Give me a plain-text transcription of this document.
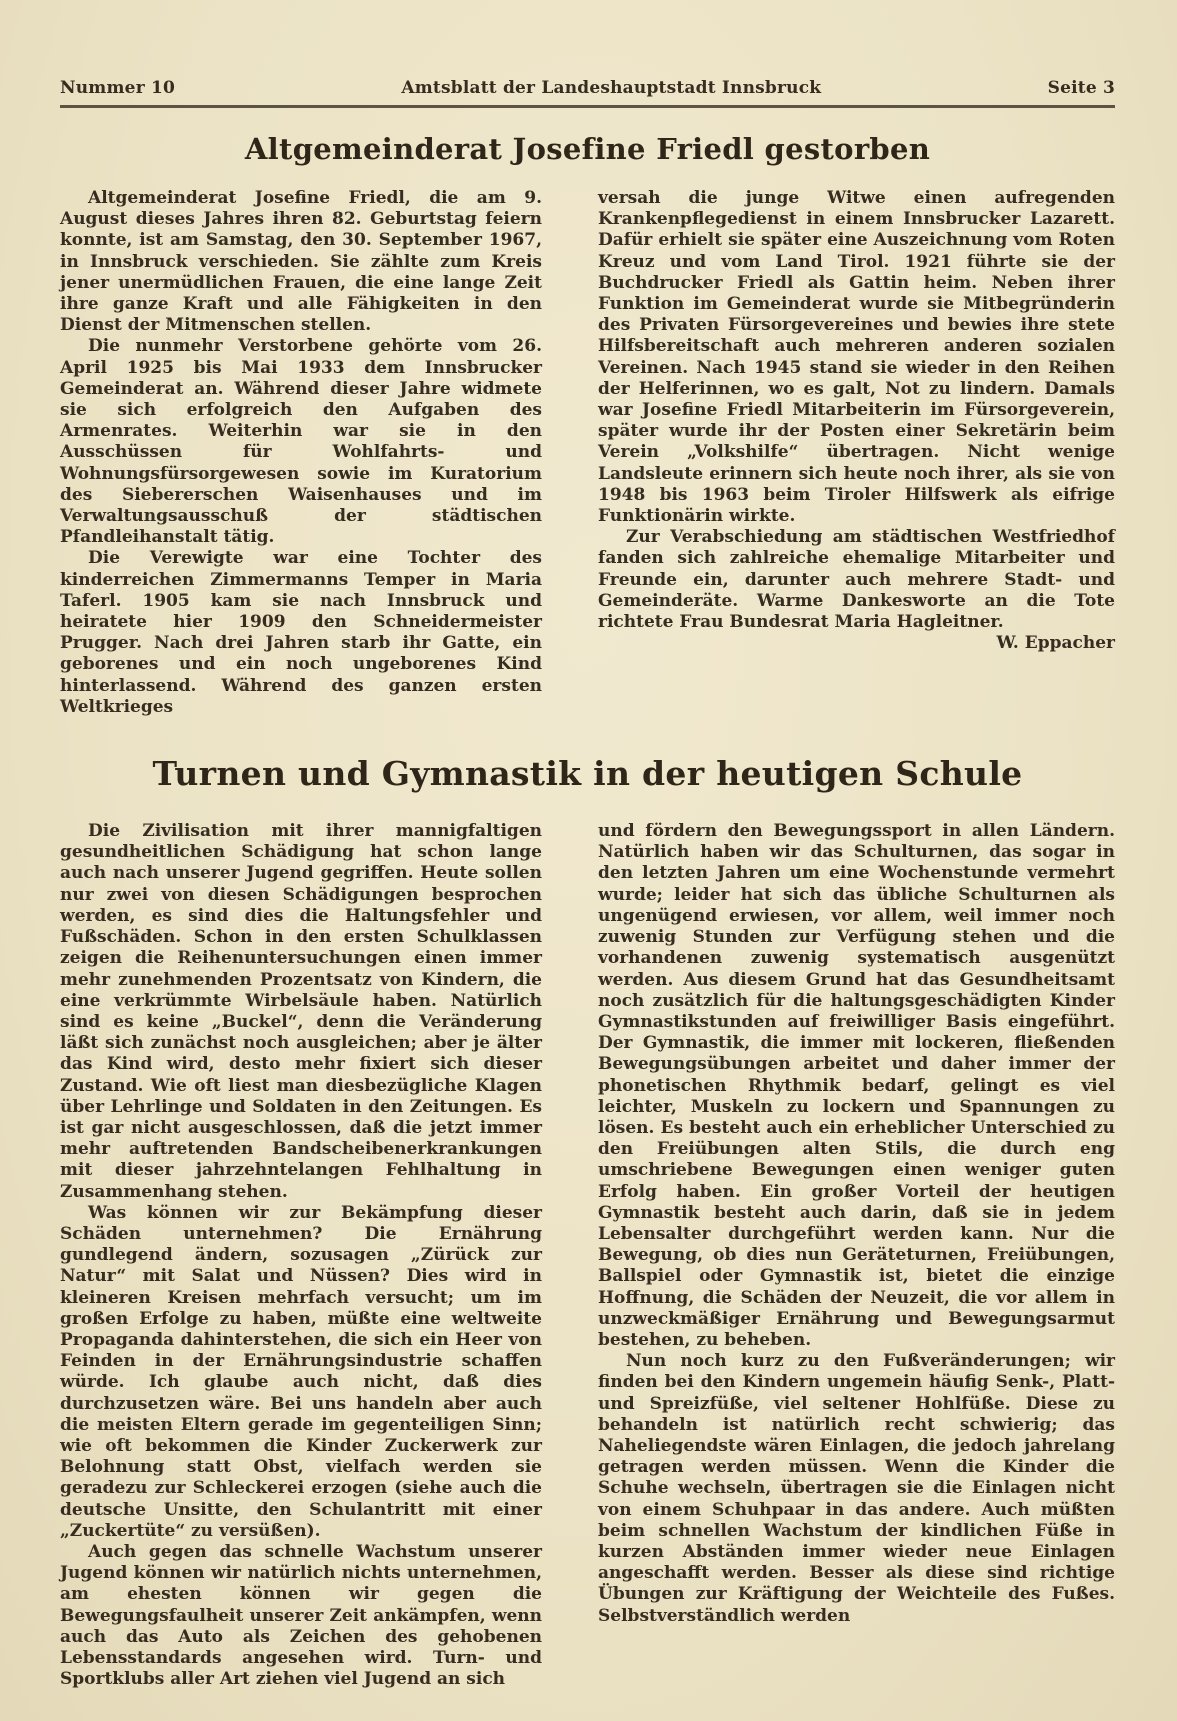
Nummer 10	Amtsblatt der Landeshauptstadt Innsbruck	Seite 3
Altgemeinderat Josefine Friedl gestorben

Altgemeinderat Josefine Friedl, die am 9. August dieses Jahres ihren 82. Geburtstag feiern konnte, ist am Samstag, den 30. September 1967, in Innsbruck verschieden. Sie zählte zum Kreis jener unermüdlichen Frauen, die eine lange Zeit ihre ganze Kraft und alle Fähigkeiten in den Dienst der Mitmenschen stellen.

Die nunmehr Verstorbene gehörte vom 26. April 1925 bis Mai 1933 dem Innsbrucker Gemeinderat an. Während dieser Jahre widmete sie sich erfolgreich den Aufgaben des Armenrates. Weiterhin war sie in den Ausschüssen für Wohlfahrts- und Wohnungsfürsorgewesen sowie im Kuratorium des Siebererschen Waisenhauses und im Verwaltungsausschuß der städtischen Pfandleihanstalt tätig.

Die Verewigte war eine Tochter des kinderreichen Zimmermanns Temper in Maria Taferl. 1905 kam sie nach Innsbruck und heiratete hier 1909 den Schneidermeister Prugger. Nach drei Jahren starb ihr Gatte, ein geborenes und ein noch ungeborenes Kind hinterlassend. Während des ganzen ersten Weltkrieges

versah die junge Witwe einen aufregenden Krankenpflegedienst in einem Innsbrucker Lazarett. Dafür erhielt sie später eine Auszeichnung vom Roten Kreuz und vom Land Tirol. 1921 führte sie der Buchdrucker Friedl als Gattin heim. Neben ihrer Funktion im Gemeinderat wurde sie Mitbegründerin des Privaten Fürsorgevereines und bewies ihre stete Hilfsbereitschaft auch mehreren anderen sozialen Vereinen. Nach 1945 stand sie wieder in den Reihen der Helferinnen, wo es galt, Not zu lindern. Damals war Josefine Friedl Mitarbeiterin im Fürsorgeverein, später wurde ihr der Posten einer Sekretärin beim Verein „Volkshilfe“ übertragen. Nicht wenige Landsleute erinnern sich heute noch ihrer, als sie von 1948 bis 1963 beim Tiroler Hilfswerk als eifrige Funktionärin wirkte.

Zur Verabschiedung am städtischen Westfriedhof fanden sich zahlreiche ehemalige Mitarbeiter und Freunde ein, darunter auch mehrere Stadt- und Gemeinderäte. Warme Dankesworte an die Tote richtete Frau Bundesrat Maria Hagleitner.
W. Eppacher

Turnen und Gymnastik in der heutigen Schule

Die Zivilisation mit ihrer mannigfaltigen gesundheitlichen Schädigung hat schon lange auch nach unserer Jugend gegriffen. Heute sollen nur zwei von diesen Schädigungen besprochen werden, es sind dies die Haltungsfehler und Fußschäden. Schon in den ersten Schulklassen zeigen die Reihenuntersuchungen einen immer mehr zunehmenden Prozentsatz von Kindern, die eine verkrümmte Wirbelsäule haben. Natürlich sind es keine „Buckel“, denn die Veränderung läßt sich zunächst noch ausgleichen; aber je älter das Kind wird, desto mehr fixiert sich dieser Zustand. Wie oft liest man diesbezügliche Klagen über Lehrlinge und Soldaten in den Zeitungen. Es ist gar nicht ausgeschlossen, daß die jetzt immer mehr auftretenden Bandscheibenerkrankungen mit dieser jahrzehntelangen Fehlhaltung in Zusammenhang stehen.

Was können wir zur Bekämpfung dieser Schäden unternehmen? Die Ernährung gundlegend ändern, sozusagen „Zürück zur Natur“ mit Salat und Nüssen? Dies wird in kleineren Kreisen mehrfach versucht; um im großen Erfolge zu haben, müßte eine weltweite Propaganda dahinterstehen, die sich ein Heer von Feinden in der Ernährungsindustrie schaffen würde. Ich glaube auch nicht, daß dies durchzusetzen wäre. Bei uns handeln aber auch die meisten Eltern gerade im gegenteiligen Sinn; wie oft bekommen die Kinder Zuckerwerk zur Belohnung statt Obst, vielfach werden sie geradezu zur Schleckerei erzogen (siehe auch die deutsche Unsitte, den Schulantritt mit einer „Zuckertüte“ zu versüßen).

Auch gegen das schnelle Wachstum unserer Jugend können wir natürlich nichts unternehmen, am ehesten können wir gegen die Bewegungsfaulheit unserer Zeit ankämpfen, wenn auch das Auto als Zeichen des gehobenen Lebensstandards angesehen wird. Turn- und Sportklubs aller Art ziehen viel Jugend an sich

und fördern den Bewegungssport in allen Ländern. Natürlich haben wir das Schulturnen, das sogar in den letzten Jahren um eine Wochenstunde vermehrt wurde; leider hat sich das übliche Schulturnen als ungenügend erwiesen, vor allem, weil immer noch zuwenig Stunden zur Verfügung stehen und die vorhandenen zuwenig systematisch ausgenützt werden. Aus diesem Grund hat das Gesundheitsamt noch zusätzlich für die haltungsgeschädigten Kinder Gymnastikstunden auf freiwilliger Basis eingeführt. Der Gymnastik, die immer mit lockeren, fließenden Bewegungsübungen arbeitet und daher immer der phonetischen Rhythmik bedarf, gelingt es viel leichter, Muskeln zu lockern und Spannungen zu lösen. Es besteht auch ein erheblicher Unterschied zu den Freiübungen alten Stils, die durch eng umschriebene Bewegungen einen weniger guten Erfolg haben. Ein großer Vorteil der heutigen Gymnastik besteht auch darin, daß sie in jedem Lebensalter durchgeführt werden kann. Nur die Bewegung, ob dies nun Geräteturnen, Freiübungen, Ballspiel oder Gymnastik ist, bietet die einzige Hoffnung, die Schäden der Neuzeit, die vor allem in unzweckmäßiger Ernährung und Bewegungsarmut bestehen, zu beheben.

Nun noch kurz zu den Fußveränderungen; wir finden bei den Kindern ungemein häufig Senk-, Platt- und Spreizfüße, viel seltener Hohlfüße. Diese zu behandeln ist natürlich recht schwierig; das Naheliegendste wären Einlagen, die jedoch jahrelang getragen werden müssen. Wenn die Kinder die Schuhe wechseln, übertragen sie die Einlagen nicht von einem Schuhpaar in das andere. Auch müßten beim schnellen Wachstum der kindlichen Füße in kurzen Abständen immer wieder neue Einlagen angeschafft werden. Besser als diese sind richtige Übungen zur Kräftigung der Weichteile des Fußes. Selbstverständlich werden
